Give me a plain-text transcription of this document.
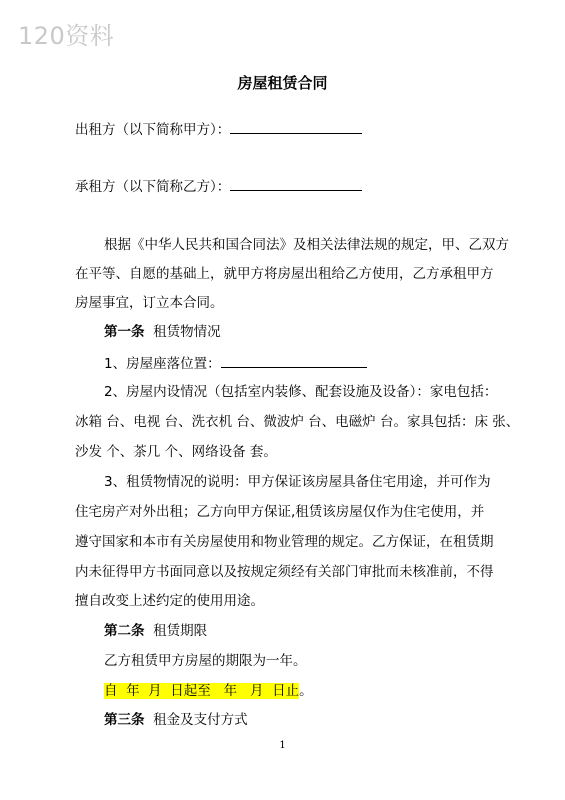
120资料
房屋租赁合同
出租方（以下简称甲方）：
承租方（以下简称乙方）：
根据《中华人民共和国合同法》及相关法律法规的规定，甲、乙双方
在平等、自愿的基础上，就甲方将房屋出租给乙方使用，乙方承租甲方
房屋事宜，订立本合同。
第一条 租赁物情况
1、房屋座落位置：
2、房屋内设情况（包括室内装修、配套设施及设备）：家电包括：
冰箱 台、电视 台、洗衣机 台、微波炉 台、电磁炉 台。家具包括：床 张、
沙发 个、茶几 个、网络设备 套。
3、租赁物情况的说明：甲方保证该房屋具备住宅用途，并可作为
住宅房产对外出租；乙方向甲方保证,租赁该房屋仅作为住宅使用，并
遵守国家和本市有关房屋使用和物业管理的规定。乙方保证，在租赁期
内未征得甲方书面同意以及按规定须经有关部门审批而未核准前，不得
擅自改变上述约定的使用用途。
第二条 租赁期限
乙方租赁甲方房屋的期限为一年。
自  年  月  日起至   年   月  日止。
第三条 租金及支付方式
1
